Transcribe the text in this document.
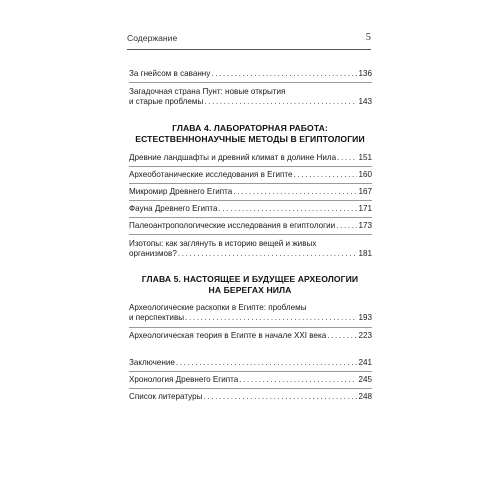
Содержание	5
За гнейсом в саванну . . .	136
Загадочная страна Пунт: новые открытия
и старые проблемы . . .	143
ГЛАВА 4. ЛАБОРАТОРНАЯ РАБОТА:
ЕСТЕСТВЕННОНАУЧНЫЕ МЕТОДЫ В ЕГИПТОЛОГИИ
Древние ландшафты и древний климат в долине Нила . . .	151
Археоботанические исследования в Египте . . .	160
Микромир Древнего Египта . . .	167
Фауна Древнего Египта . . .	171
Палеоантропологические исследования в египтологии . . .	173
Изотопы: как заглянуть в историю вещей и живых
организмов? . . .	181
ГЛАВА 5. НАСТОЯЩЕЕ И БУДУЩЕЕ АРХЕОЛОГИИ
НА БЕРЕГАХ НИЛА
Археологические раскопки в Египте: проблемы
и перспективы . . .	193
Археологическая теория в Египте в начале XXI века . . .	223
Заключение . . .	241
Хронология Древнего Египта . . .	245
Список литературы . . .	248
